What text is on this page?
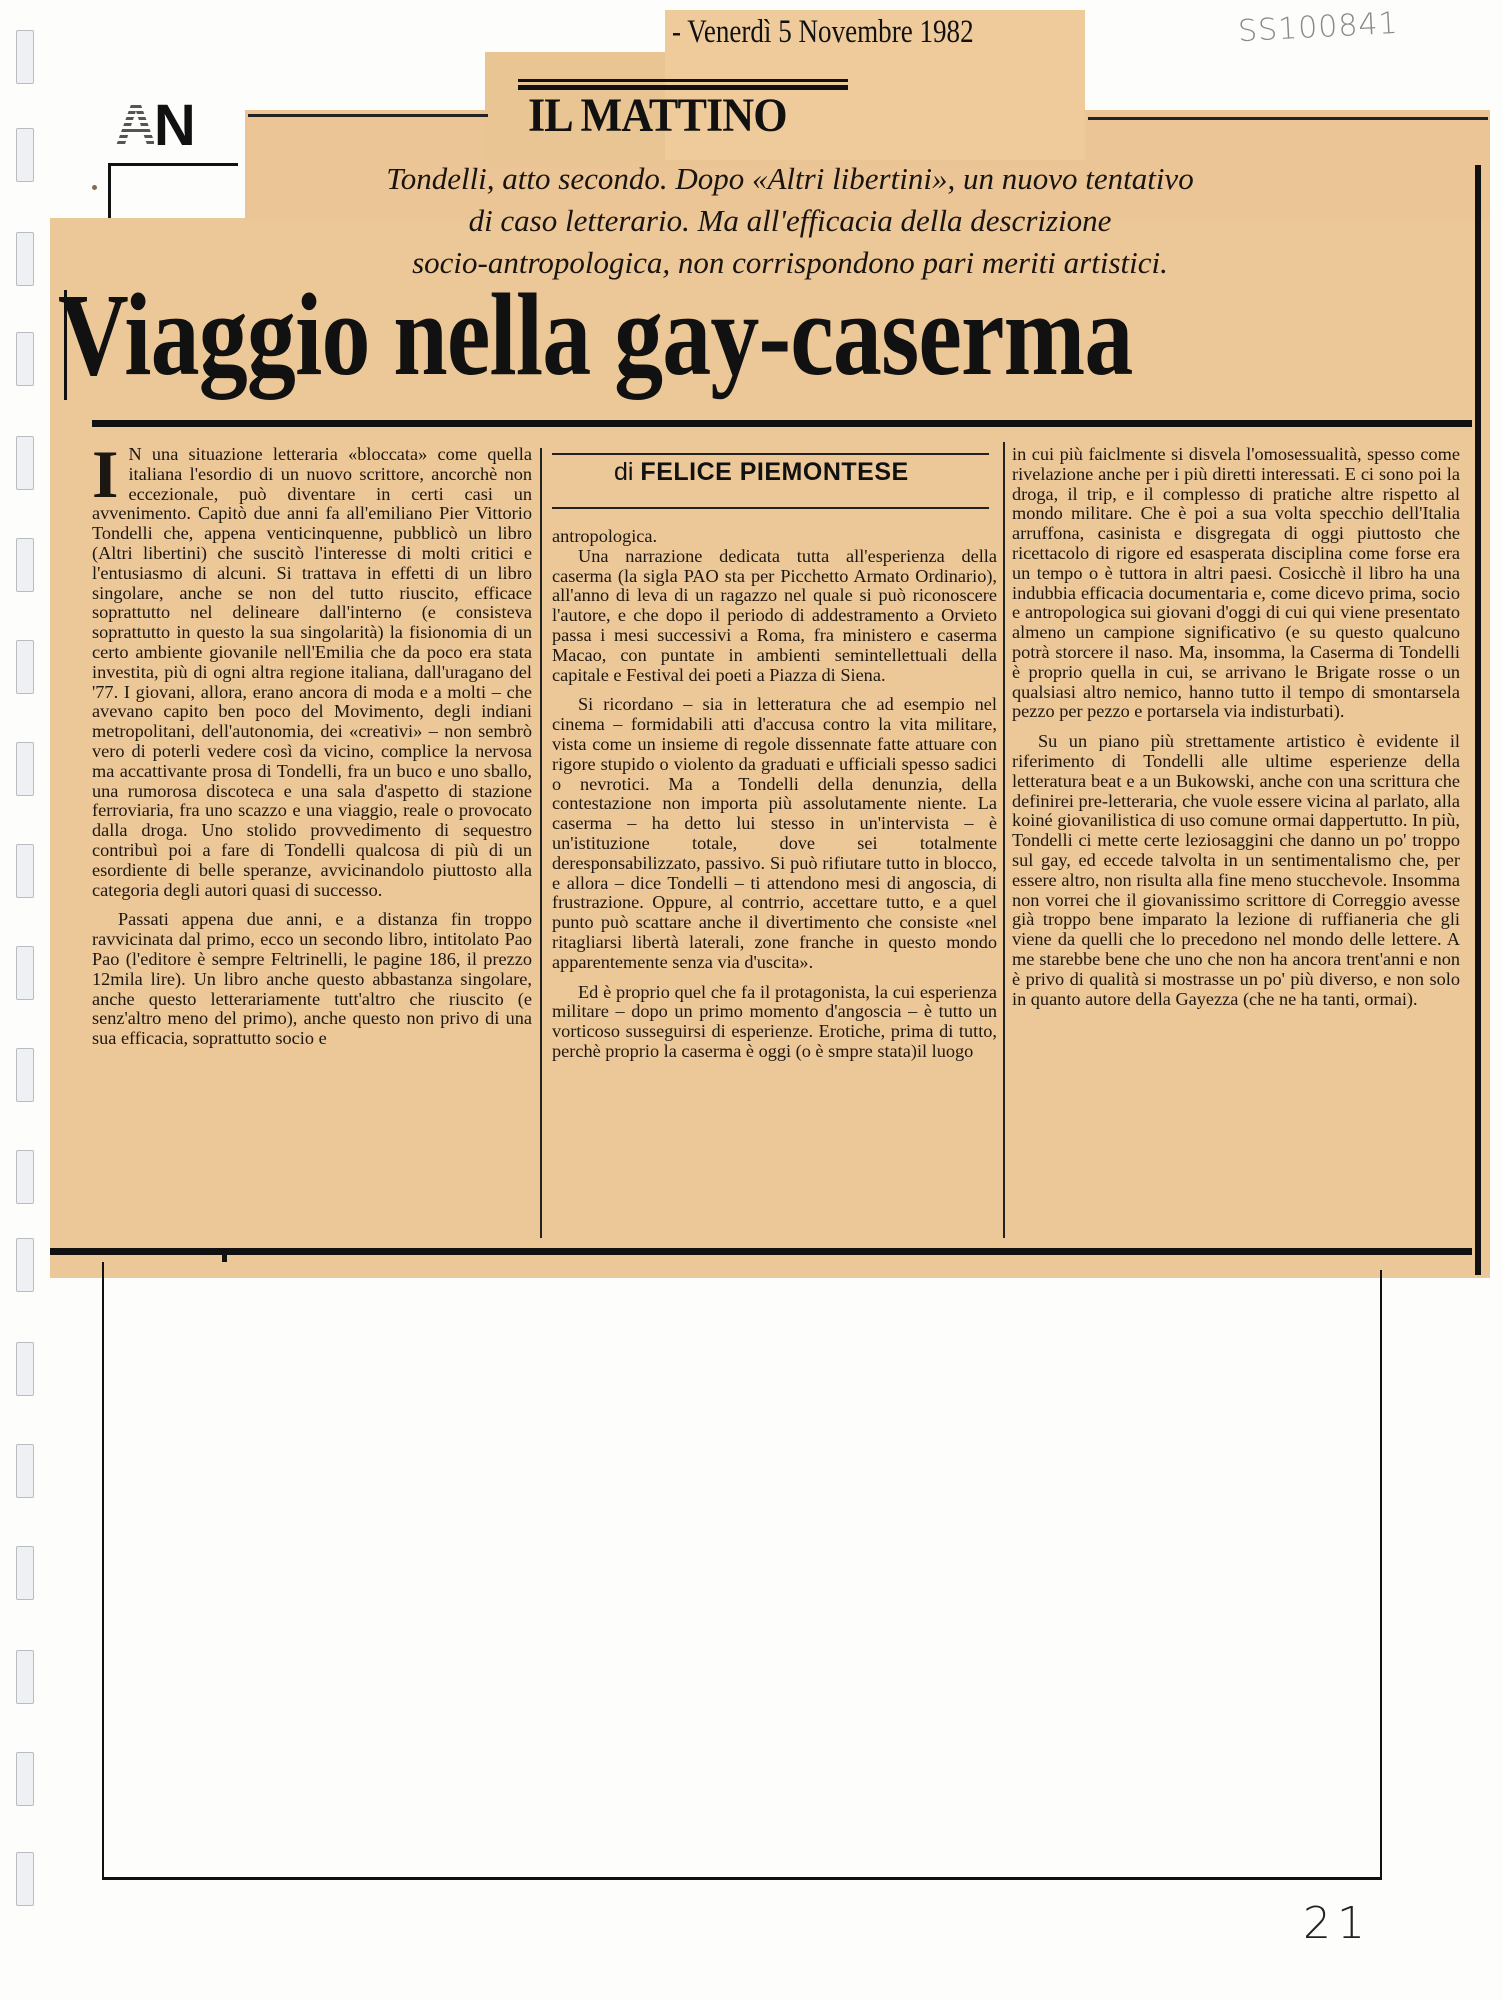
SS100841
AN
- Venerdì 5 Novembre 1982
IL MATTINO
Tondelli, atto secondo. Dopo «Altri libertini», un nuovo tentativo
di caso letterario. Ma all'efficacia della descrizione
socio-antropologica, non corrispondono pari meriti artistici.
Viaggio nella gay-caserma

I N una situazione letteraria «bloccata» come quella italiana l'esordio di un nuovo scrittore, ancorchè non eccezionale, può diventare in certi casi un avvenimento. Capitò due anni fa all'emiliano Pier Vittorio Tondelli che, appena venticinquenne, pubblicò un libro (Altri libertini) che suscitò l'interesse di molti critici e l'entusiasmo di alcuni. Si trattava in effetti di un libro singolare, anche se non del tutto riuscito, efficace soprattutto nel delineare dall'interno (e consisteva soprattutto in questo la sua singolarità) la fisionomia di un certo ambiente giovanile nell'Emilia che da poco era stata investita, più di ogni altra regione italiana, dall'uragano del '77. I giovani, allora, erano ancora di moda e a molti – che avevano capito ben poco del Movimento, degli indiani metropolitani, dell'autonomia, dei «creativi» – non sembrò vero di poterli vedere così da vicino, complice la nervosa ma accattivante prosa di Tondelli, fra un buco e uno sballo, una rumorosa discoteca e una sala d'aspetto di stazione ferroviaria, fra uno scazzo e una viaggio, reale o provocato dalla droga. Uno stolido provvedimento di sequestro contribuì poi a fare di Tondelli qualcosa di più di un esordiente di belle speranze, avvicinandolo piuttosto alla categoria degli autori quasi di successo.

Passati appena due anni, e a distanza fin troppo ravvicinata dal primo, ecco un secondo libro, intitolato Pao Pao (l'editore è sempre Feltrinelli, le pagine 186, il prezzo 12mila lire). Un libro anche questo abbastanza singolare, anche questo letterariamente tutt'altro che riuscito (e senz'altro meno del primo), anche questo non privo di una sua efficacia, soprattutto socio e

di FELICE PIEMONTESE

antropologica.

Una narrazione dedicata tutta all'esperienza della caserma (la sigla PAO sta per Picchetto Armato Ordinario), all'anno di leva di un ragazzo nel quale si può riconoscere l'autore, e che dopo il periodo di addestramento a Orvieto passa i mesi successivi a Roma, fra ministero e caserma Macao, con puntate in ambienti semintellettuali della capitale e Festival dei poeti a Piazza di Siena.

Si ricordano – sia in letteratura che ad esempio nel cinema – formidabili atti d'accusa contro la vita militare, vista come un insieme di regole dissennate fatte attuare con rigore stupido o violento da graduati e ufficiali spesso sadici o nevrotici. Ma a Tondelli della denunzia, della contestazione non importa più assolutamente niente. La caserma – ha detto lui stesso in un'intervista – è un'istituzione totale, dove sei totalmente deresponsabilizzato, passivo. Si può rifiutare tutto in blocco, e allora – dice Tondelli – ti attendono mesi di angoscia, di frustrazione. Oppure, al contrrio, accettare tutto, e a quel punto può scattare anche il divertimento che consiste «nel ritagliarsi libertà laterali, zone franche in questo mondo apparentemente senza via d'uscita».

Ed è proprio quel che fa il protagonista, la cui esperienza militare – dopo un primo momento d'angoscia – è tutto un vorticoso susseguirsi di esperienze. Erotiche, prima di tutto, perchè proprio la caserma è oggi (o è smpre stata)il luogo

in cui più faiclmente si disvela l'omosessualità, spesso come rivelazione anche per i più diretti interessati. E ci sono poi la droga, il trip, e il complesso di pratiche altre rispetto al mondo militare. Che è poi a sua volta specchio dell'Italia arruffona, casinista e disgregata di oggi piuttosto che ricettacolo di rigore ed esasperata disciplina come forse era un tempo o è tuttora in altri paesi. Cosicchè il libro ha una indubbia efficacia documentaria e, come dicevo prima, socio e antropologica sui giovani d'oggi di cui qui viene presentato almeno un campione significativo (e su questo qualcuno potrà storcere il naso. Ma, insomma, la Caserma di Tondelli è proprio quella in cui, se arrivano le Brigate rosse o un qualsiasi altro nemico, hanno tutto il tempo di smontarsela pezzo per pezzo e portarsela via indisturbati).

Su un piano più strettamente artistico è evidente il riferimento di Tondelli alle ultime esperienze della letteratura beat e a un Bukowski, anche con una scrittura che definirei pre-letteraria, che vuole essere vicina al parlato, alla koiné giovanilistica di uso comune ormai dappertutto. In più, Tondelli ci mette certe leziosaggini che danno un po' troppo sul gay, ed eccede talvolta in un sentimentalismo che, per essere altro, non risulta alla fine meno stucchevole. Insomma non vorrei che il giovanissimo scrittore di Correggio avesse già troppo bene imparato la lezione di ruffianeria che gli viene da quelli che lo precedono nel mondo delle lettere. A me starebbe bene che uno che non ha ancora trent'anni e non è privo di qualità si mostrasse un po' più diverso, e non solo in quanto autore della Gayezza (che ne ha tanti, ormai).

21
